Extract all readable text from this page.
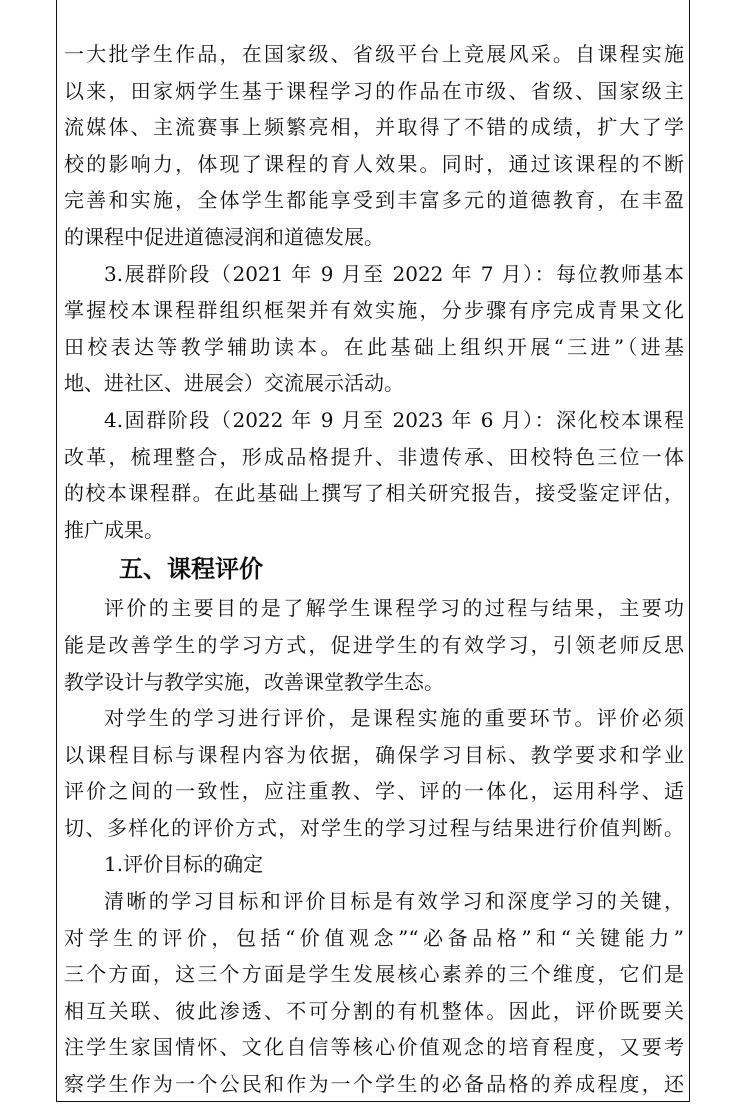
一大批学生作品，在国家级、省级平台上竞展风采。自课程实施
以来，田家炳学生基于课程学习的作品在市级、省级、国家级主
流媒体、主流赛事上频繁亮相，并取得了不错的成绩，扩大了学
校的影响力，体现了课程的育人效果。同时，通过该课程的不断
完善和实施，全体学生都能享受到丰富多元的道德教育，在丰盈
的课程中促进道德浸润和道德发展。
3.展群阶段（2021 年 9 月至 2022 年 7 月）：每位教师基本
掌握校本课程群组织框架并有效实施，分步骤有序完成青果文化
田校表达等教学辅助读本。在此基础上组织开展“三进”（进基
地、进社区、进展会）交流展示活动。
4.固群阶段（2022 年 9 月至 2023 年 6 月）：深化校本课程
改革，梳理整合，形成品格提升、非遗传承、田校特色三位一体
的校本课程群。在此基础上撰写了相关研究报告，接受鉴定评估，
推广成果。
五、课程评价
评价的主要目的是了解学生课程学习的过程与结果，主要功
能是改善学生的学习方式，促进学生的有效学习，引领老师反思
教学设计与教学实施，改善课堂教学生态。
对学生的学习进行评价，是课程实施的重要环节。评价必须
以课程目标与课程内容为依据，确保学习目标、教学要求和学业
评价之间的一致性，应注重教、学、评的一体化，运用科学、适
切、多样化的评价方式，对学生的学习过程与结果进行价值判断。
1.评价目标的确定
清晰的学习目标和评价目标是有效学习和深度学习的关键，
对学生的评价，包括“价值观念”“必备品格”和“关键能力”
三个方面，这三个方面是学生发展核心素养的三个维度，它们是
相互关联、彼此渗透、不可分割的有机整体。因此，评价既要关
注学生家国情怀、文化自信等核心价值观念的培育程度，又要考
察学生作为一个公民和作为一个学生的必备品格的养成程度，还
